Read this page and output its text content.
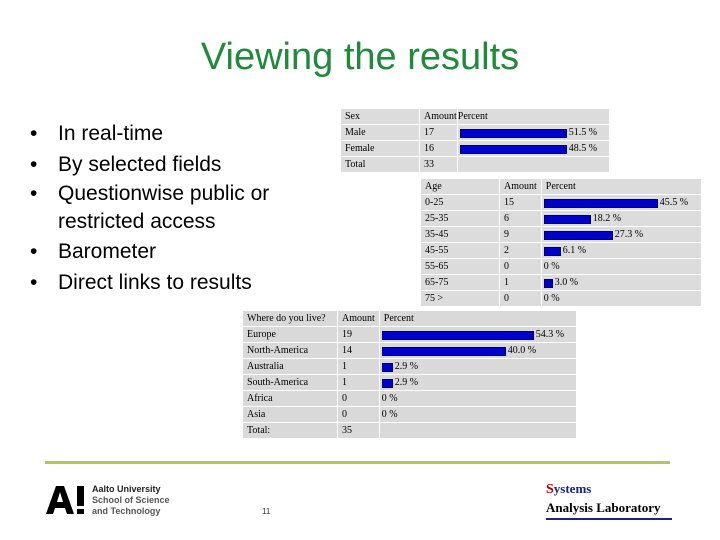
Viewing the results
• In real-time
• By selected fields
• Questionwise public or restricted access
• Barometer
• Direct links to results
Sex	Amount	Percent
Male	17	51.5 %

Female	16	48.5 %

Total	33	
Age	Amount	Percent
0-25	15	45.5 %

25-35	6	18.2 %

35-45	9	27.3 %

45-55	2	6.1 %

55-65	0	0 %

65-75	1	3.0 %

75 >	0	0 %
Where do you live?	Amount	Percent
Europe	19	54.3 %

North-America	14	40.0 %

Australia	1	2.9 %

South-America	1	2.9 %

Africa	0	0 %

Asia	0	0 %

Total:	35	
Aalto University
School of Science
and Technology	11
Systems
Analysis Laboratory
